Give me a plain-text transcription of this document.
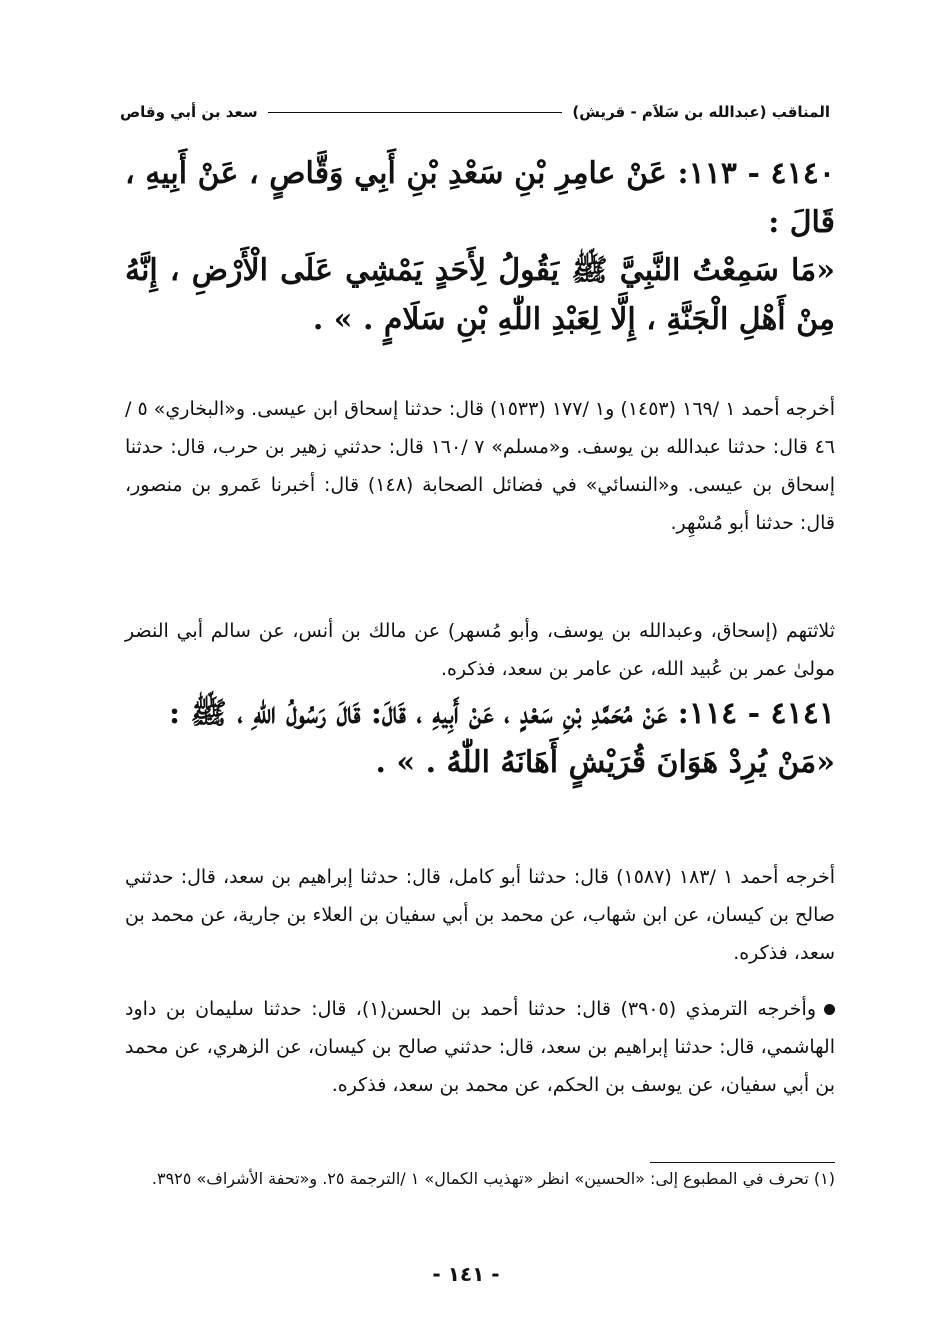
سعد بن أبي وقاص	المناقب (عبدالله بن سَلاَم - قريش)
٤١٤٠ - ١١٣: عَنْ عامِرِ بْنِ سَعْدِ بْنِ أَبِي وَقَّاصٍ ، عَنْ أَبِيهِ ، قَالَ :
«مَا سَمِعْتُ النَّبِيَّ ﷺ يَقُولُ لِأَحَدٍ يَمْشِي عَلَى الْأَرْضِ ، إِنَّهُ مِنْ أَهْلِ الْجَنَّةِ ، إِلَّا لِعَبْدِ اللّٰهِ بْنِ سَلَامٍ . » .
أخرجه أحمد ١ /١٦٩ (١٤٥٣) و١ /١٧٧ (١٥٣٣) قال: حدثنا إسحاق ابن عيسى. و«البخاري» ٥ /٤٦ قال: حدثنا عبدالله بن يوسف. و«مسلم» ٧ /١٦٠ قال: حدثني زهير بن حرب، قال: حدثنا إسحاق بن عيسى. و«النسائي» في فضائل الصحابة (١٤٨) قال: أخبرنا عَمرو بن منصور، قال: حدثنا أبو مُسْهِر.
ثلاثتهم (إسحاق، وعبدالله بن يوسف، وأبو مُسهر) عن مالك بن أنس، عن سالم أبي النضر مولىٰ عمر بن عُبيد الله، عن عامر بن سعد، فذكره.
٤١٤١ - ١١٤: عَنْ مُحَمَّدِ بْنِ سَعْدٍ ، عَنْ أَبِيهِ ، قَالَ: قَالَ رَسُولُ اللّٰهِ ، ﷺ :
«مَنْ يُرِدْ هَوَانَ قُرَيْشٍ أَهَانَهُ اللّٰهُ . » .
أخرجه أحمد ١ /١٨٣ (١٥٨٧) قال: حدثنا أبو كامل، قال: حدثنا إبراهيم بن سعد، قال: حدثني صالح بن كيسان، عن ابن شهاب، عن محمد بن أبي سفيان بن العلاء بن جارية، عن محمد بن سعد، فذكره.
وأخرجه الترمذي (٣٩٠٥) قال: حدثنا أحمد بن الحسن(١)، قال: حدثنا سليمان بن داود الهاشمي، قال: حدثنا إبراهيم بن سعد، قال: حدثني صالح بن كيسان، عن الزهري، عن محمد بن أبي سفيان، عن يوسف بن الحكم، عن محمد بن سعد، فذكره.
(١) تحرف في المطبوع إلى: «الحسين» انظر «تهذيب الكمال» ١ /الترجمة ٢٥. و«تحفة الأشراف» ٣٩٢٥.
- ١٤١ -
